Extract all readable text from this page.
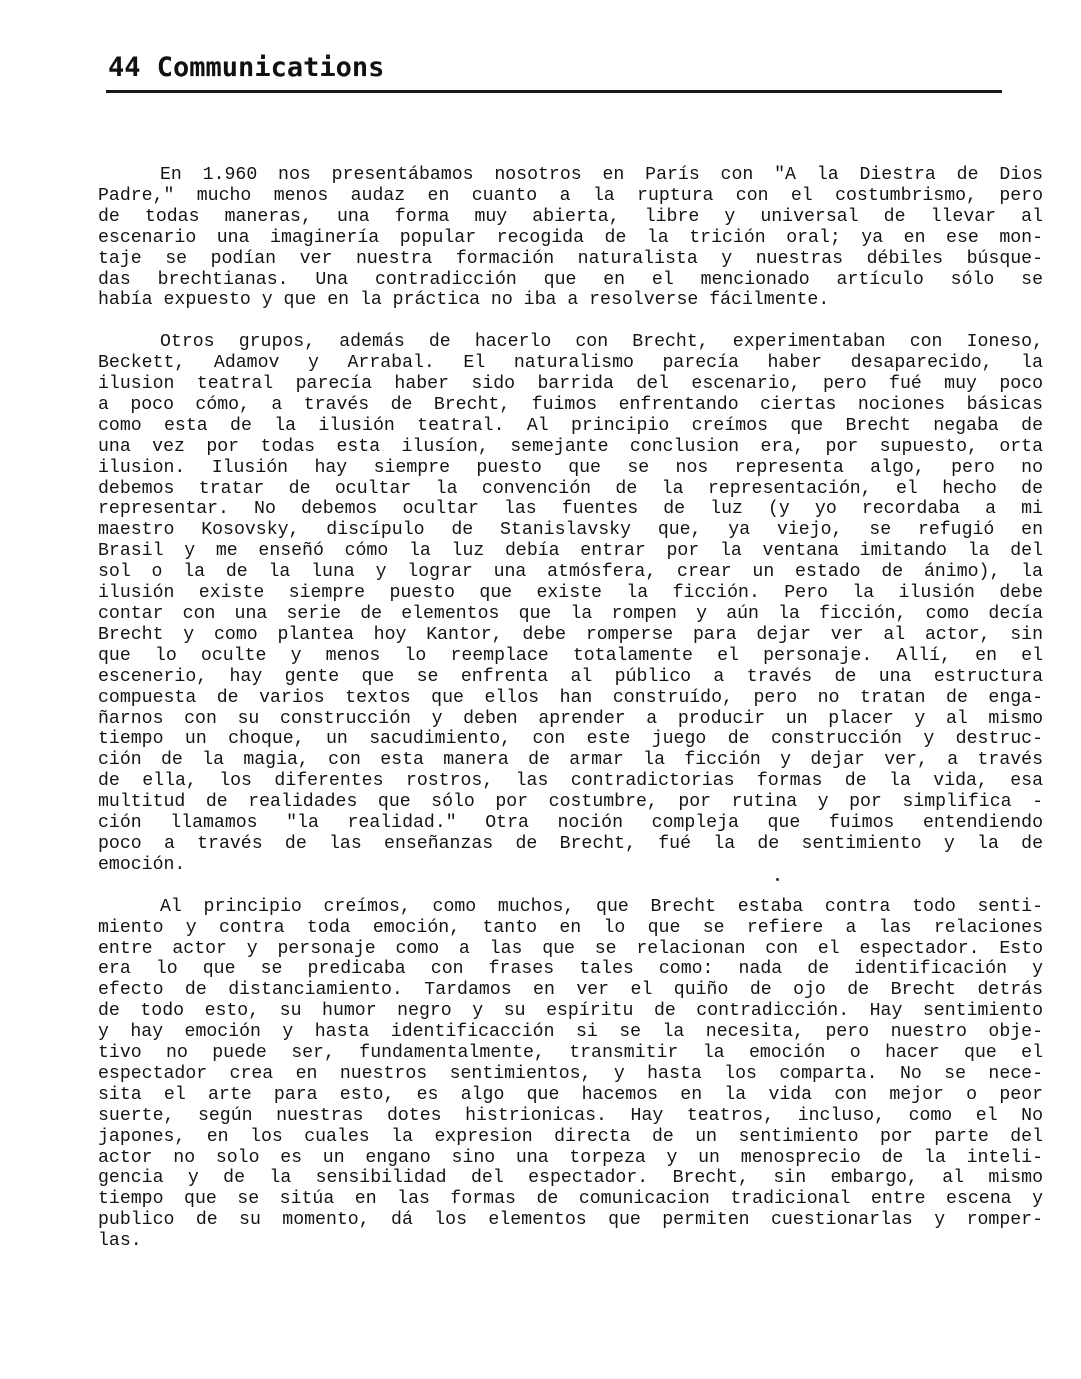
44 Communications
En 1.960 nos presentábamos nosotros en París con "A la Diestra de Dios
Padre," mucho menos audaz en cuanto a la ruptura con el costumbrismo, pero
de todas maneras, una forma muy abierta, libre y universal de llevar al
escenario una imaginería popular recogida de la trición oral; ya en ese mon-
taje se podían ver nuestra formación naturalista y nuestras débiles búsque-
das brechtianas. Una contradicción que en el mencionado artículo sólo se
había expuesto y que en la práctica no iba a resolverse fácilmente.
Otros grupos, además de hacerlo con Brecht, experimentaban con Ioneso,
Beckett, Adamov y Arrabal. El naturalismo parecía haber desaparecido, la
ilusion teatral parecía haber sido barrida del escenario, pero fué muy poco
a poco cómo, a través de Brecht, fuimos enfrentando ciertas nociones básicas
como esta de la ilusión teatral. Al principio creímos que Brecht negaba de
una vez por todas esta ilusíon, semejante conclusion era, por supuesto, orta
ilusion. Ilusión hay siempre puesto que se nos representa algo, pero no
debemos tratar de ocultar la convención de la representación, el hecho de
representar. No debemos ocultar las fuentes de luz (y yo recordaba a mi
maestro Kosovsky, discípulo de Stanislavsky que, ya viejo, se refugió en
Brasil y me enseñó cómo la luz debía entrar por la ventana imitando la del
sol o la de la luna y lograr una atmósfera, crear un estado de ánimo), la
ilusión existe siempre puesto que existe la ficción. Pero la ilusión debe
contar con una serie de elementos que la rompen y aún la ficción, como decía
Brecht y como plantea hoy Kantor, debe romperse para dejar ver al actor, sin
que lo oculte y menos lo reemplace totalamente el personaje. Allí, en el
escenerio, hay gente que se enfrenta al público a través de una estructura
compuesta de varios textos que ellos han construído, pero no tratan de enga-
ñarnos con su construcción y deben aprender a producir un placer y al mismo
tiempo un choque, un sacudimiento, con este juego de construcción y destruc-
ción de la magia, con esta manera de armar la ficción y dejar ver, a través
de ella, los diferentes rostros, las contradictorias formas de la vida, esa
multitud de realidades que sólo por costumbre, por rutina y por simplifica -
ción llamamos "la realidad." Otra noción compleja que fuimos entendiendo
poco a través de las enseñanzas de Brecht, fué la de sentimiento y la de
emoción.
Al principio creímos, como muchos, que Brecht estaba contra todo senti-
miento y contra toda emoción, tanto en lo que se refiere a las relaciones
entre actor y personaje como a las que se relacionan con el espectador. Esto
era lo que se predicaba con frases tales como: nada de identificación y
efecto de distanciamiento. Tardamos en ver el quiño de ojo de Brecht detrás
de todo esto, su humor negro y su espíritu de contradicción. Hay sentimiento
y hay emoción y hasta identificacción si se la necesita, pero nuestro obje-
tivo no puede ser, fundamentalmente, transmitir la emoción o hacer que el
espectador crea en nuestros sentimientos, y hasta los comparta. No se nece-
sita el arte para esto, es algo que hacemos en la vida con mejor o peor
suerte, según nuestras dotes histrionicas. Hay teatros, incluso, como el No
japones, en los cuales la expresion directa de un sentimiento por parte del
actor no solo es un engano sino una torpeza y un menosprecio de la inteli-
gencia y de la sensibilidad del espectador. Brecht, sin embargo, al mismo
tiempo que se sitúa en las formas de comunicacion tradicional entre escena y
publico de su momento, dá los elementos que permiten cuestionarlas y romper-
las.
